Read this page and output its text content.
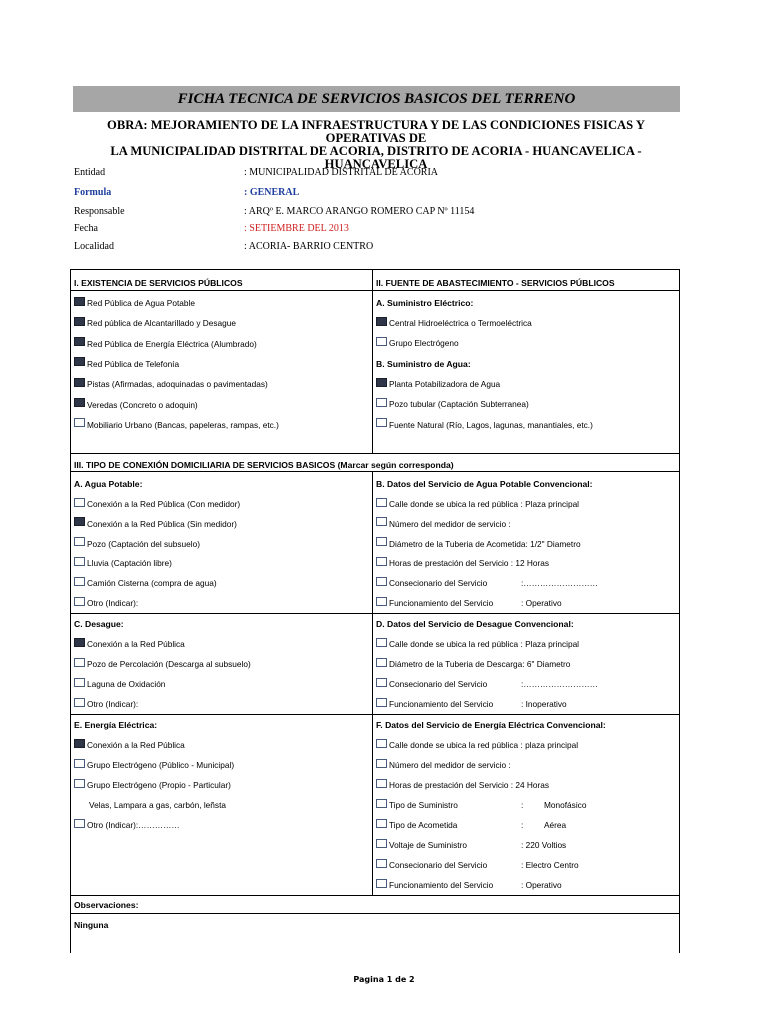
FICHA TECNICA DE SERVICIOS BASICOS DEL TERRENO
OBRA: MEJORAMIENTO DE LA INFRAESTRUCTURA Y DE LAS CONDICIONES FISICAS Y OPERATIVAS DE
LA MUNICIPALIDAD DISTRITAL DE ACORIA, DISTRITO DE ACORIA - HUANCAVELICA -
HUANCAVELICA
Entidad	: MUNICIPALIDAD DISTRITAL DE ACORIA
Formula	: GENERAL
Responsable	: ARQº E. MARCO ARANGO ROMERO CAP Nº 11154
Fecha	: SETIEMBRE DEL 2013
Localidad	: ACORIA- BARRIO CENTRO
I. EXISTENCIA DE SERVICIOS PÚBLICOS	II. FUENTE DE ABASTECIMIENTO - SERVICIOS PÚBLICOS
Red Pública de Agua Potable
Red pública de Alcantarillado y Desague
Red Pública de Energía Eléctrica (Alumbrado)
Red Pública de Telefonía
Pistas (Afirmadas, adoquinadas o pavimentadas)
Veredas (Concreto o adoquin)
Mobiliario Urbano (Bancas, papeleras, rampas, etc.)
A. Suministro Eléctrico:
Central Hidroeléctrica o Termoeléctrica
Grupo Electrógeno
B. Suministro de Agua:
Planta Potabilizadora de Agua
Pozo tubular (Captación Subterranea)
Fuente Natural (Río, Lagos, lagunas, manantiales, etc.)
III. TIPO DE CONEXIÓN DOMICILIARIA DE SERVICIOS BASICOS (Marcar según corresponda)
A. Agua Potable:
Conexión a la Red Pública (Con medidor)
Conexión a la Red Pública (Sin medidor)
Pozo (Captación del subsuelo)
Lluvia (Captación libre)
Camión Cisterna (compra de agua)
Otro (Indicar):
B. Datos del Servicio de Agua Potable Convencional:
Calle donde se ubica la red pública : Plaza principal
Número del medidor de servicio :
Diámetro de la Tuberia de Acometida: 1/2" Diametro
Horas de prestación del Servicio : 12 Horas
Consecionario del Servicio	:………………………
Funcionamiento del Servicio	: Operativo
C. Desague:
Conexión a la Red Pública
Pozo de Percolación (Descarga al subsuelo)
Laguna de Oxidación
Otro (Indicar):
D. Datos del Servicio de Desague Convencional:
Calle donde se ubica la red pública : Plaza principal
Diámetro de la Tuberia de Descarga: 6" Diametro
Consecionario del Servicio	:………………………
Funcionamiento del Servicio	: Inoperativo
E. Energía Eléctrica:
Conexión a la Red Pública
Grupo Electrógeno (Público - Municipal)
Grupo Electrógeno (Propio - Particular)
Velas, Lampara a gas, carbón, leñsta
Otro (Indicar):……………
F. Datos del Servicio de Energía Eléctrica Convencional:
Calle donde se ubica la red pública : plaza principal
Número del medidor de servicio :
Horas de prestación del Servicio : 24 Horas
Tipo de Suministro	: Monofásico
Tipo de Acometida	: Aérea
Voltaje de Suministro	: 220 Voltios
Consecionario del Servicio	: Electro Centro
Funcionamiento del Servicio	: Operativo
Observaciones:
Ninguna
Pagina 1 de 2
